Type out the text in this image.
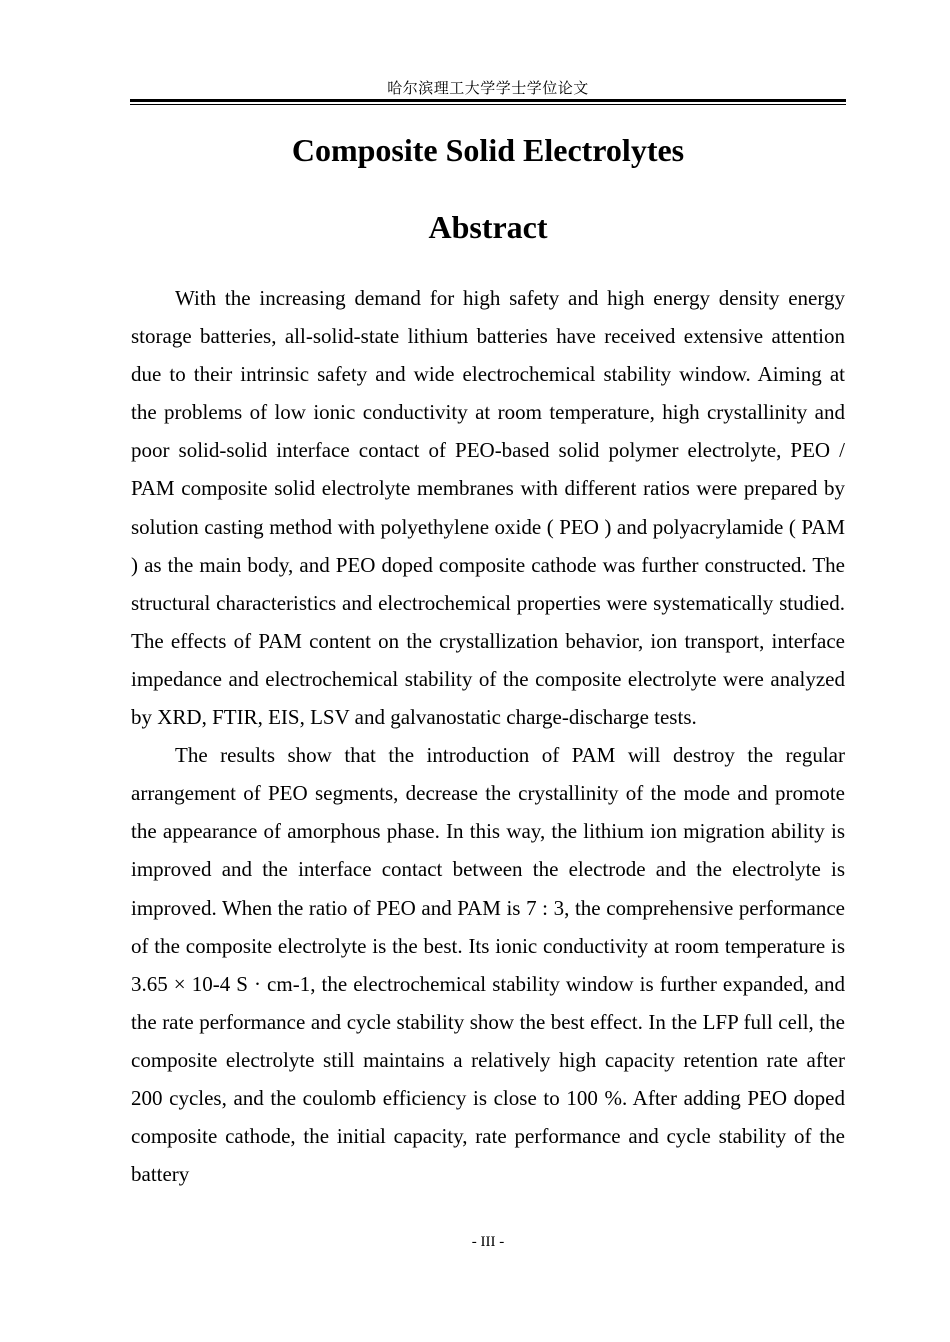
哈尔滨理工大学学士学位论文
Composite Solid Electrolytes
Abstract

With the increasing demand for high safety and high energy density energy storage batteries, all-solid-state lithium batteries have received extensive attention due to their intrinsic safety and wide electrochemical stability window. Aiming at the problems of low ionic conductivity at room temperature, high crystallinity and poor solid-solid interface contact of PEO-based solid polymer electrolyte, PEO / PAM composite solid electrolyte membranes with different ratios were prepared by solution casting method with polyethylene oxide ( PEO ) and polyacrylamide ( PAM ) as the main body, and PEO doped composite cathode was further constructed. The structural characteristics and electrochemical properties were systematically studied. The effects of PAM content on the crystallization behavior, ion transport, interface impedance and electrochemical stability of the composite electrolyte were analyzed by XRD, FTIR, EIS, LSV and galvanostatic charge-discharge tests.

The results show that the introduction of PAM will destroy the regular arrangement of PEO segments, decrease the crystallinity of the mode and promote the appearance of amorphous phase. In this way, the lithium ion migration ability is improved and the interface contact between the electrode and the electrolyte is improved. When the ratio of PEO and PAM is 7 : 3, the comprehensive performance of the composite electrolyte is the best. Its ionic conductivity at room temperature is 3.65 × 10-4 S · cm-1, the electrochemical stability window is further expanded, and the rate performance and cycle stability show the best effect. In the LFP full cell, the composite electrolyte still maintains a relatively high capacity retention rate after 200 cycles, and the coulomb efficiency is close to 100 %. After adding PEO doped composite cathode, the initial capacity, rate performance and cycle stability of the battery

- III -
